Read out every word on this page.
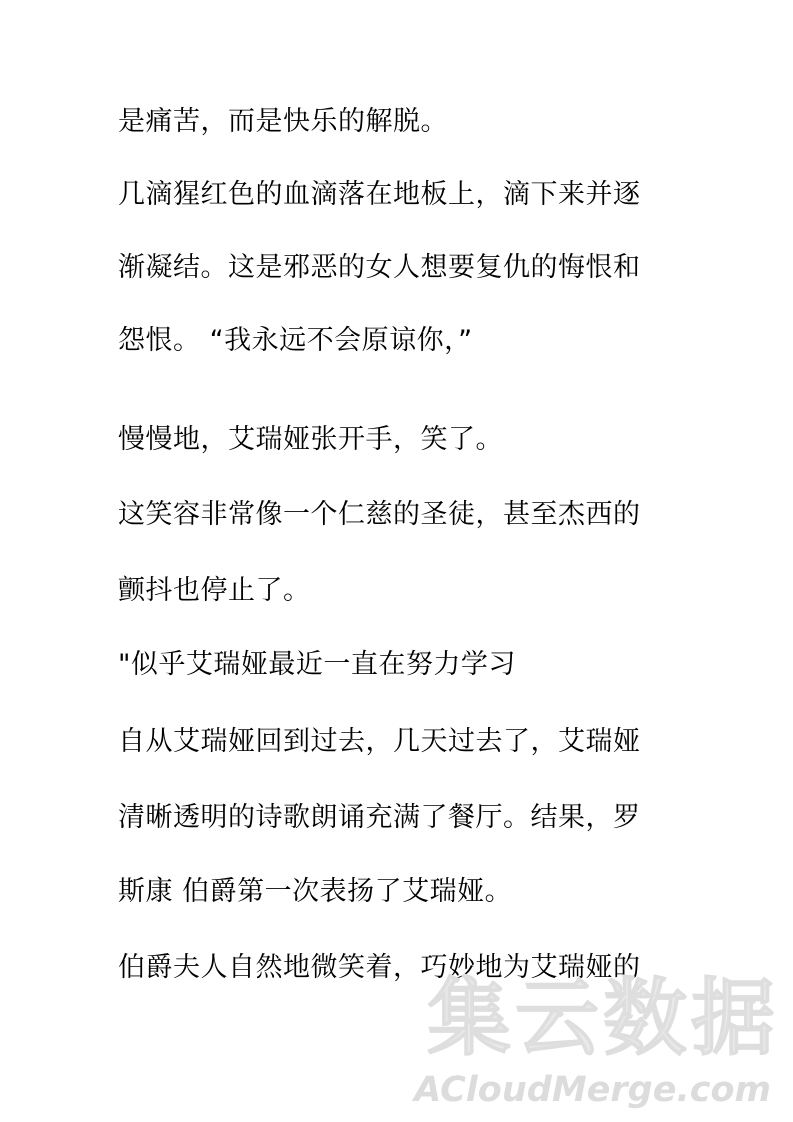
是痛苦，而是快乐的解脱。
几滴猩红色的血滴落在地板上，滴下来并逐
渐凝结。这是邪恶的女人想要复仇的悔恨和
怨恨。 “我永远不会原谅你，”
慢慢地，艾瑞娅张开手，笑了。
这笑容非常像一个仁慈的圣徒，甚至杰西的
颤抖也停止了。
"似乎艾瑞娅最近一直在努力学习
自从艾瑞娅回到过去，几天过去了，艾瑞娅
清晰透明的诗歌朗诵充满了餐厅。结果，罗
斯康 伯爵第一次表扬了艾瑞娅。
伯爵夫人自然地微笑着，巧妙地为艾瑞娅的
集云数据
ACloudMerge.com
